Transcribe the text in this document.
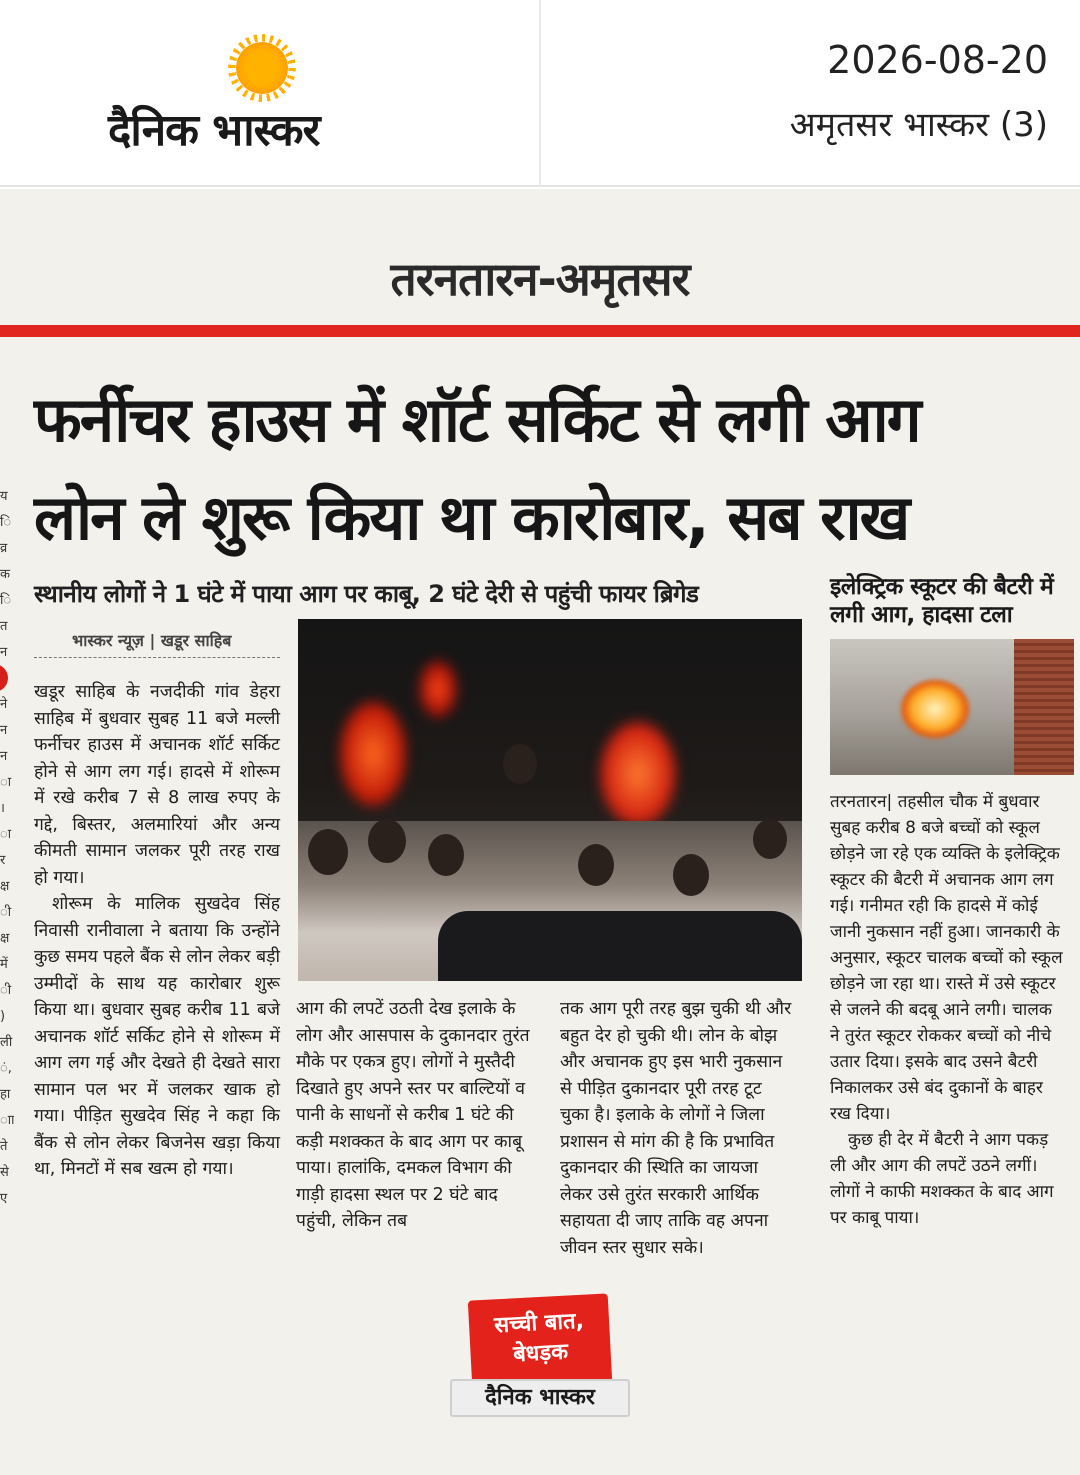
दैनिक भास्कर
2026-08-20
अमृतसर भास्कर (3)
य ि व्र क ि त न ने न न ा । ा र क्ष ी क्ष में ी ) ली ं, हा ाा ते से ए
तरनतारन-अमृतसर
फर्नीचर हाउस में शॉर्ट सर्किट से लगी आग
लोन ले शुरू किया था कारोबार, सब राख
स्थानीय लोगों ने 1 घंटे में पाया आग पर काबू, 2 घंटे देरी से पहुंची फायर ब्रिगेड
भास्कर न्यूज़ | खडूर साहिब

खडूर साहिब के नजदीकी गांव डेहरा साहिब में बुधवार सुबह 11 बजे मल्ली फर्नीचर हाउस में अचानक शॉर्ट सर्किट होने से आग लग गई। हादसे में शोरूम में रखे करीब 7 से 8 लाख रुपए के गद्दे, बिस्तर, अलमारियां और अन्य कीमती सामान जलकर पूरी तरह राख हो गया।

शोरूम के मालिक सुखदेव सिंह निवासी रानीवाला ने बताया कि उन्होंने कुछ समय पहले बैंक से लोन लेकर बड़ी उम्मीदों के साथ यह कारोबार शुरू किया था। बुधवार सुबह करीब 11 बजे अचानक शॉर्ट सर्किट होने से शोरूम में आग लग गई और देखते ही देखते सारा सामान पल भर में जलकर खाक हो गया। पीड़ित सुखदेव सिंह ने कहा कि बैंक से लोन लेकर बिजनेस खड़ा किया था, मिनटों में सब खत्म हो गया।

आग की लपटें उठती देख इलाके के लोग और आसपास के दुकानदार तुरंत मौके पर एकत्र हुए। लोगों ने मुस्तैदी दिखाते हुए अपने स्तर पर बाल्टियों व पानी के साधनों से करीब 1 घंटे की कड़ी मशक्कत के बाद आग पर काबू पाया। हालांकि, दमकल विभाग की गाड़ी हादसा स्थल पर 2 घंटे बाद पहुंची, लेकिन तब

तक आग पूरी तरह बुझ चुकी थी और बहुत देर हो चुकी थी। लोन के बोझ और अचानक हुए इस भारी नुकसान से पीड़ित दुकानदार पूरी तरह टूट चुका है। इलाके के लोगों ने जिला प्रशासन से मांग की है कि प्रभावित दुकानदार की स्थिति का जायजा लेकर उसे तुरंत सरकारी आर्थिक सहायता दी जाए ताकि वह अपना जीवन स्तर सुधार सके।

इलेक्ट्रिक स्कूटर की बैटरी में लगी आग, हादसा टला

तरनतारन| तहसील चौक में बुधवार सुबह करीब 8 बजे बच्चों को स्कूल छोड़ने जा रहे एक व्यक्ति के इलेक्ट्रिक स्कूटर की बैटरी में अचानक आग लग गई। गनीमत रही कि हादसे में कोई जानी नुकसान नहीं हुआ। जानकारी के अनुसार, स्कूटर चालक बच्चों को स्कूल छोड़ने जा रहा था। रास्ते में उसे स्कूटर से जलने की बदबू आने लगी। चालक ने तुरंत स्कूटर रोककर बच्चों को नीचे उतार दिया। इसके बाद उसने बैटरी निकालकर उसे बंद दुकानों के बाहर रख दिया।

कुछ ही देर में बैटरी ने आग पकड़ ली और आग की लपटें उठने लगीं। लोगों ने काफी मशक्कत के बाद आग पर काबू पाया।

सच्ची बात,
बेधड़क
दैनिक भास्कर
